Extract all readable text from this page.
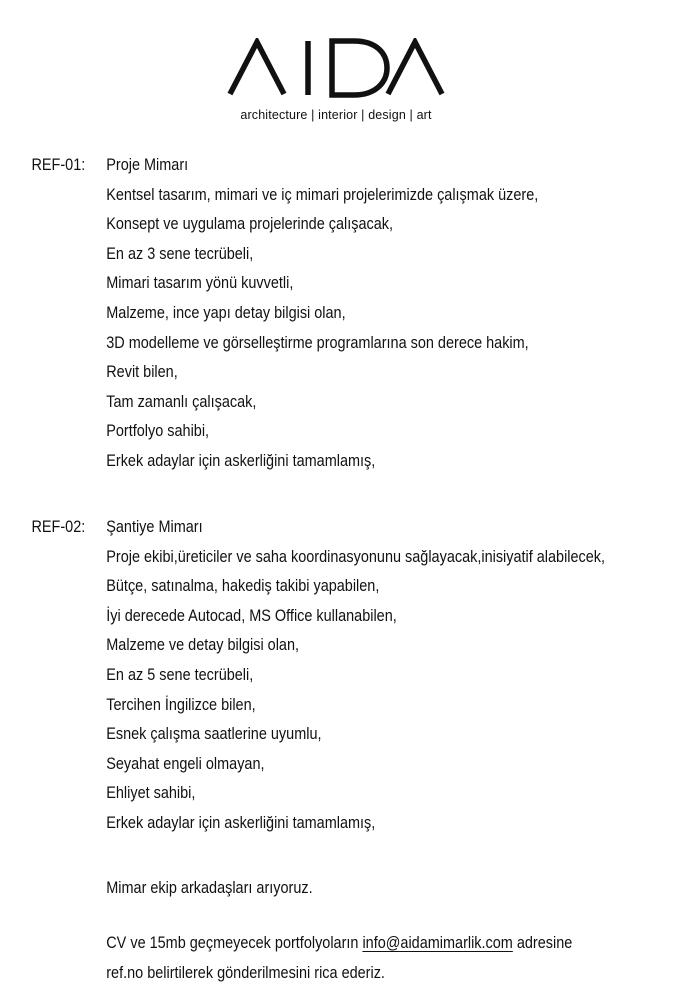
architecture | interior | design | art
REF-01: Proje Mimarı
Kentsel tasarım, mimari ve iç mimari projelerimizde çalışmak üzere,
Konsept ve uygulama projelerinde çalışacak,
En az 3 sene tecrübeli,
Mimari tasarım yönü kuvvetli,
Malzeme, ince yapı detay bilgisi olan,
3D modelleme ve görselleştirme programlarına son derece hakim,
Revit bilen,
Tam zamanlı çalışacak,
Portfolyo sahibi,
Erkek adaylar için askerliğini tamamlamış,
REF-02: Şantiye Mimarı
Proje ekibi,üreticiler ve saha koordinasyonunu sağlayacak,inisiyatif alabilecek,
Bütçe, satınalma, hakediş takibi yapabilen,
İyi derecede Autocad, MS Office kullanabilen,
Malzeme ve detay bilgisi olan,
En az 5 sene tecrübeli,
Tercihen İngilizce bilen,
Esnek çalışma saatlerine uyumlu,
Seyahat engeli olmayan,
Ehliyet sahibi,
Erkek adaylar için askerliğini tamamlamış,
Mimar ekip arkadaşları arıyoruz.
CV ve 15mb geçmeyecek portfolyoların info@aidamimarlik.com adresine
ref.no belirtilerek gönderilmesini rica ederiz.
